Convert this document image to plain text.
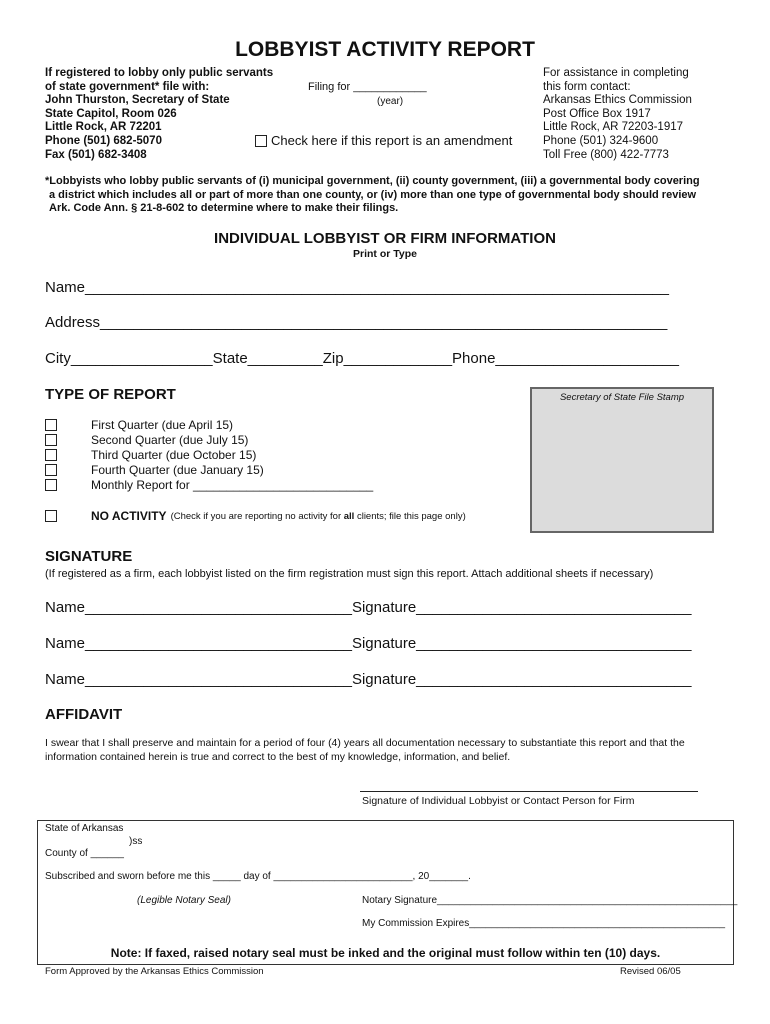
LOBBYIST ACTIVITY REPORT
If registered to lobby only public servants
of state government* file with:
John Thurston, Secretary of State
State Capitol, Room 026
Little Rock, AR 72201
Phone (501) 682-5070
Fax (501) 682-3408
Filing for ____________
(year)
Check here if this report is an amendment
For assistance in completing
this form contact:
Arkansas Ethics Commission
Post Office Box 1917
Little Rock, AR 72203-1917
Phone (501) 324-9600
Toll Free (800) 422-7773
*Lobbyists who lobby public servants of (i) municipal government, (ii) county government, (iii) a governmental body covering
a district which includes all or part of more than one county, or (iv) more than one type of governmental body should review
Ark. Code Ann. § 21-8-602 to determine where to make their filings.
INDIVIDUAL LOBBYIST OR FIRM INFORMATION
Print or Type
Name______________________________________________________________________
Address____________________________________________________________________
City_________________State_________Zip_____________Phone______________________
TYPE OF REPORT	Secretary of State File Stamp
First Quarter (due April 15)
Second Quarter (due July 15)
Third Quarter (due October 15)
Fourth Quarter (due January 15)
Monthly Report for ___________________________
NO ACTIVITY (Check if you are reporting no activity for all clients; file this page only)
SIGNATURE
(If registered as a firm, each lobbyist listed on the firm registration must sign this report. Attach additional sheets if necessary)
Name________________________________Signature_________________________________
Name________________________________Signature_________________________________
Name________________________________Signature_________________________________
AFFIDAVIT
I swear that I shall preserve and maintain for a period of four (4) years all documentation necessary to substantiate this report and that the information contained herein is true and correct to the best of my knowledge, information, and belief.
Signature of Individual Lobbyist or Contact Person for Firm
State of Arkansas
)ss
County of ______
Subscribed and sworn before me this _____ day of _________________________, 20_______.
(Legible Notary Seal)	Notary Signature______________________________________________________
My Commission Expires______________________________________________
Note: If faxed, raised notary seal must be inked and the original must follow within ten (10) days.
Form Approved by the Arkansas Ethics Commission	Revised 06/05
